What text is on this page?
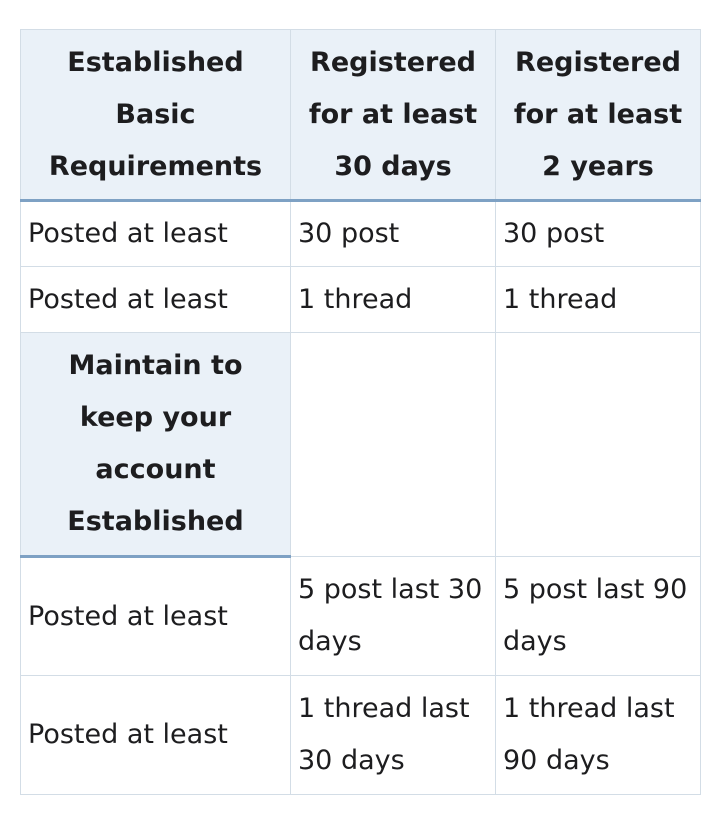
Established Basic Requirements	Registered for at least 30 days	Registered for at least 2 years
Posted at least	30 post	30 post
Posted at least	1 thread	1 thread
Maintain to keep your account Established		
Posted at least	5 post last 30 days	5 post last 90 days
Posted at least	1 thread last 30 days	1 thread last 90 days
